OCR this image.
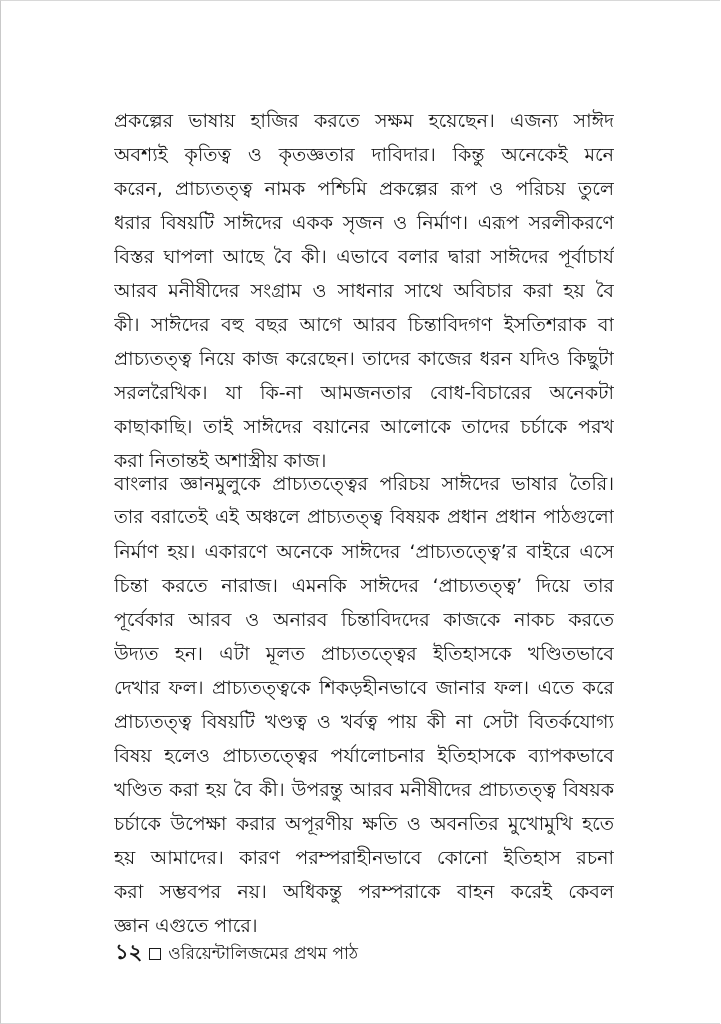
প্রকল্পের ভাষায় হাজির করতে সক্ষম হয়েছেন। এজন্য সাঈদ
অবশ্যই কৃতিত্ব ও কৃতজ্ঞতার দাবিদার। কিন্তু অনেকেই মনে
করেন, প্রাচ্যতত্ত্ব নামক পশ্চিমি প্রকল্পের রূপ ও পরিচয় তুলে
ধরার বিষয়টি সাঈদের একক সৃজন ও নির্মাণ। এরূপ সরলীকরণে
বিস্তর ঘাপলা আছে বৈ কী। এভাবে বলার দ্বারা সাঈদের পূর্বাচার্য
আরব মনীষীদের সংগ্রাম ও সাধনার সাথে অবিচার করা হয় বৈ
কী। সাঈদের বহু বছর আগে আরব চিন্তাবিদগণ ইসতিশরাক বা
প্রাচ্যতত্ত্ব নিয়ে কাজ করেছেন। তাদের কাজের ধরন যদিও কিছুটা
সরলরৈখিক। যা কি-না আমজনতার বোধ-বিচারের অনেকটা
কাছাকাছি। তাই সাঈদের বয়ানের আলোকে তাদের চর্চাকে পরখ
করা নিতান্তই অশাস্ত্রীয় কাজ।
বাংলার জ্ঞানমুলুকে প্রাচ্যতত্ত্বের পরিচয় সাঈদের ভাষার তৈরি।
তার বরাতেই এই অঞ্চলে প্রাচ্যতত্ত্ব বিষয়ক প্রধান প্রধান পাঠগুলো
নির্মাণ হয়। একারণে অনেকে সাঈদের ‘প্রাচ্যতত্ত্বে’র বাইরে এসে
চিন্তা করতে নারাজ। এমনকি সাঈদের ‘প্রাচ্যতত্ত্ব’ দিয়ে তার
পূর্বেকার আরব ও অনারব চিন্তাবিদদের কাজকে নাকচ করতে
উদ্যত হন। এটা মূলত প্রাচ্যতত্ত্বের ইতিহাসকে খণ্ডিতভাবে
দেখার ফল। প্রাচ্যতত্ত্বকে শিকড়হীনভাবে জানার ফল। এতে করে
প্রাচ্যতত্ত্ব বিষয়টি খণ্ডত্ব ও খর্বত্ব পায় কী না সেটা বিতর্কযোগ্য
বিষয় হলেও প্রাচ্যতত্ত্বের পর্যালোচনার ইতিহাসকে ব্যাপকভাবে
খণ্ডিত করা হয় বৈ কী। উপরন্তু আরব মনীষীদের প্রাচ্যতত্ত্ব বিষয়ক
চর্চাকে উপেক্ষা করার অপূরণীয় ক্ষতি ও অবনতির মুখোমুখি হতে
হয় আমাদের। কারণ পরম্পরাহীনভাবে কোনো ইতিহাস রচনা
করা সম্ভবপর নয়। অধিকন্তু পরম্পরাকে বাহন করেই কেবল
জ্ঞান এগুতে পারে।
১২ ওরিয়েন্টালিজমের প্রথম পাঠ
